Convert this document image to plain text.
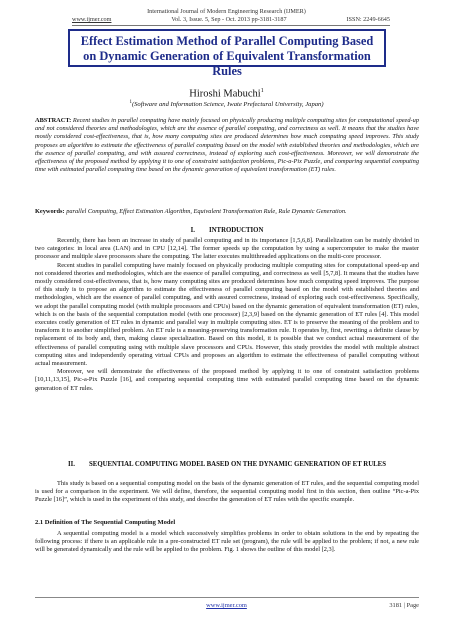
International Journal of Modern Engineering Research (IJMER)
www.ijmer.com	Vol. 3, Issue. 5, Sep - Oct. 2013 pp-3181-3187	ISSN: 2249-6645
Effect Estimation Method of Parallel Computing Based on Dynamic Generation of Equivalent Transformation Rules
Hiroshi Mabuchi$^1$
$^1$(Software and Information Science, Iwate Prefectural University, Japan)
ABSTRACT: Recent studies in parallel computing have mainly focused on physically producing multiple computing sites for computational speed-up and not considered theories and methodologies, which are the essence of parallel computing, and correctness as well. It means that the studies have mostly considered cost-effectiveness, that is, how many computing sites are produced determines how much computing speed improves. This study proposes an algorithm to estimate the effectiveness of parallel computing based on the model with established theories and methodologies, which are the essence of parallel computing, and with assured correctness, instead of exploring such cost-effectiveness. Moreover, we will demonstrate the effectiveness of the proposed method by applying it to one of constraint satisfaction problems, Pic-a-Pix Puzzle, and comparing sequential computing time with estimated parallel computing time based on the dynamic generation of equivalent transformation (ET) rules.
Keywords: parallel Computing, Effect Estimation Algorithm, Equivalent Transformation Rule, Rule Dynamic Generation.
I. INTRODUCTION

Recently, there has been an increase in study of parallel computing and in its importance [1,5,6,8]. Parallelization can be mainly divided in two categories: in local area (LAN) and in CPU [12,14]. The former speeds up the computation by using a supercomputer to make the master processor and multiple slave processors share the computing. The latter executes multithreaded applications on the multi-core processor.

Recent studies in parallel computing have mainly focused on physically producing multiple computing sites for computational speed-up and not considered theories and methodologies, which are the essence of parallel computing, and correctness as well [5,7,8]. It means that the studies have mostly considered cost-effectiveness, that is, how many computing sites are produced determines how much computing speed improves. The purpose of this study is to propose an algorithm to estimate the effectiveness of parallel computing based on the model with established theories and methodologies, which are the essence of parallel computing, and with assured correctness, instead of exploring such cost-effectiveness. Specifically, we adopt the parallel computing model (with multiple processors and CPUs) based on the dynamic generation of equivalent transformation (ET) rules, which is on the basis of the sequential computation model (with one processor) [2,3,9] based on the dynamic generation of ET rules [4]. This model executes costly generation of ET rules in dynamic and parallel way in multiple computing sites. ET is to preserve the meaning of the problem and to transform it to another simplified problem. An ET rule is a meaning-preserving transformation rule. It operates by, first, rewriting a definite clause by replacement of its body and, then, making clause specialization. Based on this model, it is possible that we conduct actual measurement of the effectiveness of parallel computing using with multiple slave processors and CPUs. However, this study provides the model with multiple abstract computing sites and independently operating virtual CPUs and proposes an algorithm to estimate the effectiveness of parallel computing without actual measurement.

Moreover, we will demonstrate the effectiveness of the proposed method by applying it to one of constraint satisfaction problems [10,11,13,15], Pic-a-Pix Puzzle [16], and comparing sequential computing time with estimated parallel computing time based on the dynamic generation of ET rules.

II. SEQUENTIAL COMPUTING MODEL BASED ON THE DYNAMIC GENERATION OF ET RULES

This study is based on a sequential computing model on the basis of the dynamic generation of ET rules, and the sequential computing model is used for a comparison in the experiment. We will define, therefore, the sequential computing model first in this section, then outline “Pic-a-Pix Puzzle [16]”, which is used in the experiment of this study, and describe the generation of ET rules with the specific example.

2.1 Definition of The Sequential Computing Model

A sequential computing model is a model which successively simplifies problems in order to obtain solutions in the end by repeating the following process: if there is an applicable rule in a pre-constructed ET rule set (program), the rule will be applied to the problem; if not, a new rule will be generated dynamically and the rule will be applied to the problem. Fig. 1 shows the outline of this model [2,3].

www.ijmer.com	3181 | Page
